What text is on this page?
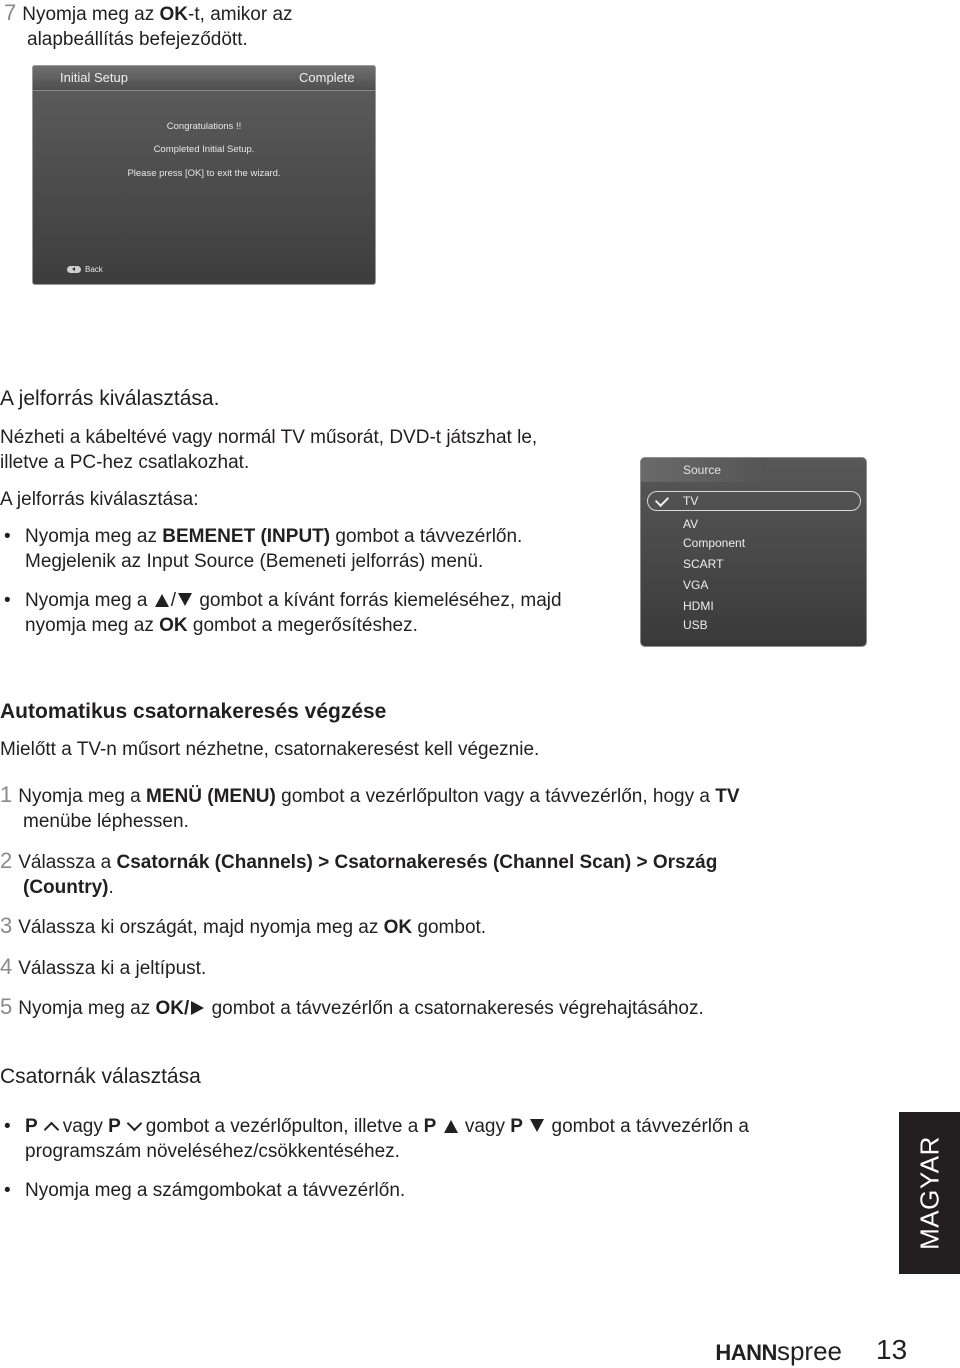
7 Nyomja meg az OK-t, amikor az
alapbeállítás befejeződött.
Initial Setup	Complete
Congratulations !!
Completed Initial Setup.
Please press [OK] to exit the wizard.
Back
A jelforrás kiválasztása.
Nézheti a kábeltévé vagy normál TV műsorát, DVD-t játszhat le,
illetve a PC-hez csatlakozhat.
A jelforrás kiválasztása:
• Nyomja meg az BEMENET (INPUT) gombot a távvezérlőn.
Megjelenik az Input Source (Bemeneti jelforrás) menü.
• Nyomja meg a / gombot a kívánt forrás kiemeléséhez, majd
nyomja meg az OK gombot a megerősítéshez.
Source
TV
AV
Component
SCART
VGA
HDMI
USB
Automatikus csatornakeresés végzése
Mielőtt a TV-n műsort nézhetne, csatornakeresést kell végeznie.
1 Nyomja meg a MENÜ (MENU) gombot a vezérlőpulton vagy a távvezérlőn, hogy a TV
menübe léphessen.
2 Válassza a Csatornák (Channels) > Csatornakeresés (Channel Scan) > Ország
(Country).
3 Válassza ki országát, majd nyomja meg az OK gombot.
4 Válassza ki a jeltípust.
5 Nyomja meg az OK/ gombot a távvezérlőn a csatornakeresés végrehajtásához.
Csatornák választása
• P vagy P gombot a vezérlőpulton, illetve a P  vagy P  gombot a távvezérlőn a
programszám növeléséhez/csökkentéséhez.
• Nyomja meg a számgombokat a távvezérlőn.	MAGYAR
HANNspree 13
